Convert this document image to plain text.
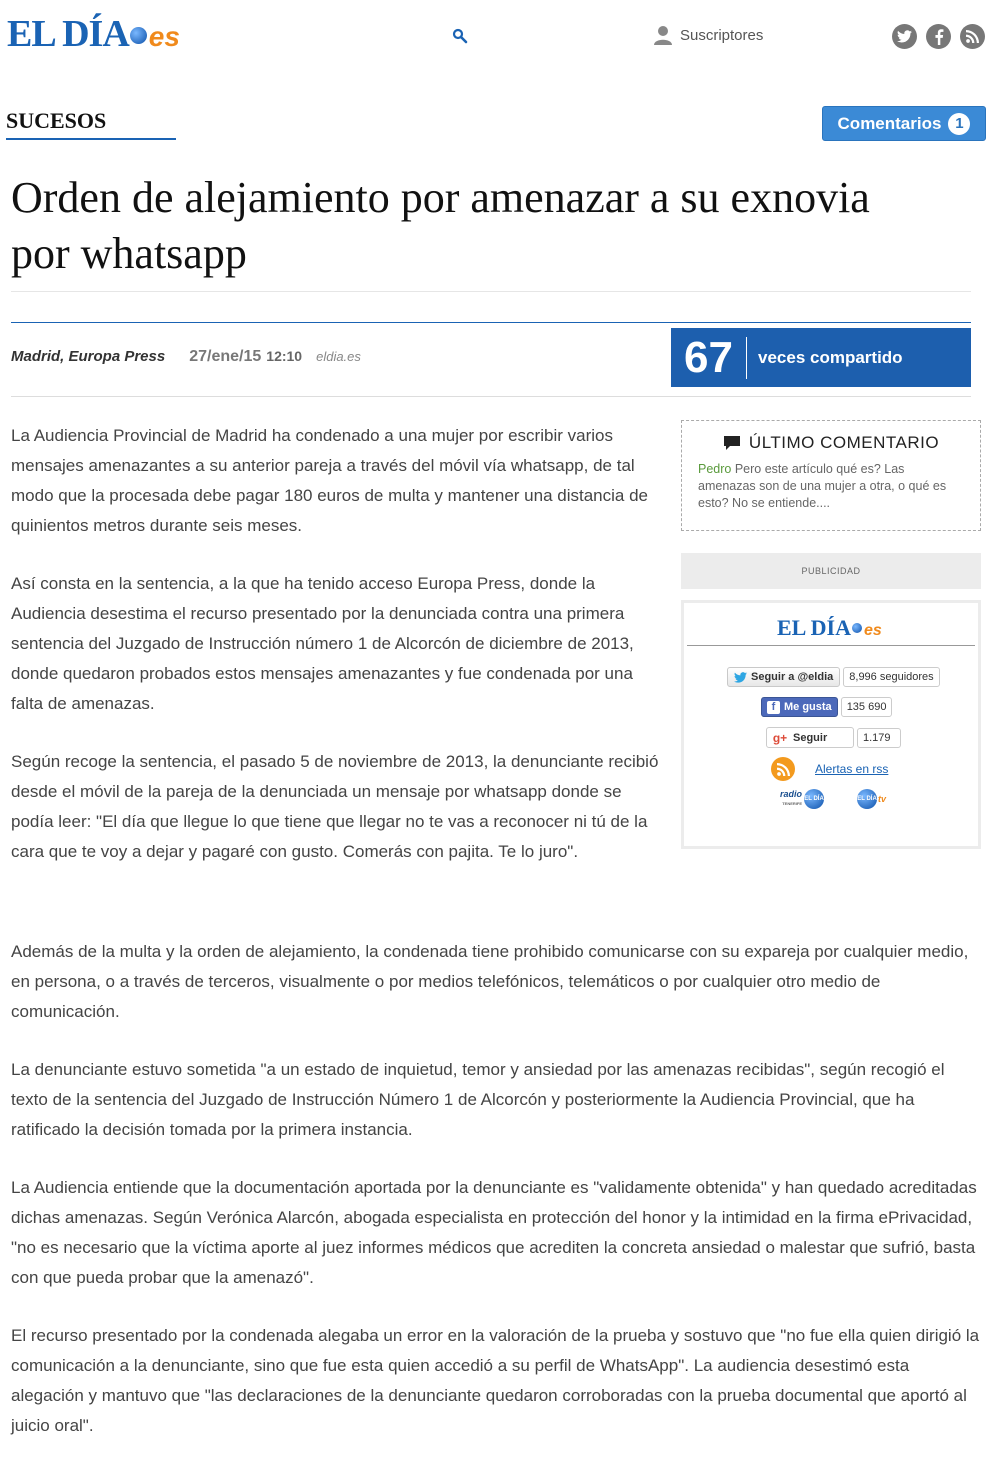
EL DÍA es	Suscriptores
SUCESOS	Comentarios 1
Orden de alejamiento por amenazar a su exnovia por whatsapp
Madrid, Europa Press 27/ene/15 12:10 eldia.es	67	veces compartido

La Audiencia Provincial de Madrid ha condenado a una mujer por escribir varios mensajes amenazantes a su anterior pareja a través del móvil vía whatsapp, de tal modo que la procesada debe pagar 180 euros de multa y mantener una distancia de quinientos metros durante seis meses.

Así consta en la sentencia, a la que ha tenido acceso Europa Press, donde la Audiencia desestima el recurso presentado por la denunciada contra una primera sentencia del Juzgado de Instrucción número 1 de Alcorcón de diciembre de 2013, donde quedaron probados estos mensajes amenazantes y fue condenada por una falta de amenazas.

Según recoge la sentencia, el pasado 5 de noviembre de 2013, la denunciante recibió desde el móvil de la pareja de la denunciada un mensaje por whatsapp donde se podía leer: "El día que llegue lo que tiene que llegar no te vas a reconocer ni tú de la cara que te voy a dejar y pagaré con gusto. Comerás con pajita. Te lo juro".

Además de la multa y la orden de alejamiento, la condenada tiene prohibido comunicarse con su expareja por cualquier medio, en persona, o a través de terceros, visualmente o por medios telefónicos, telemáticos o por cualquier otro medio de comunicación.

La denunciante estuvo sometida "a un estado de inquietud, temor y ansiedad por las amenazas recibidas", según recogió el texto de la sentencia del Juzgado de Instrucción Número 1 de Alcorcón y posteriormente la Audiencia Provincial, que ha ratificado la decisión tomada por la primera instancia.

La Audiencia entiende que la documentación aportada por la denunciante es "validamente obtenida" y han quedado acreditadas dichas amenazas. Según Verónica Alarcón, abogada especialista en protección del honor y la intimidad en la firma ePrivacidad, "no es necesario que la víctima aporte al juez informes médicos que acrediten la concreta ansiedad o malestar que sufrió, basta con que pueda probar que la amenazó".

El recurso presentado por la condenada alegaba un error en la valoración de la prueba y sostuvo que "no fue ella quien dirigió la comunicación a la denunciante, sino que fue esta quien accedió a su perfil de WhatsApp". La audiencia desestimó esta alegación y mantuvo que "las declaraciones de la denunciante quedaron corroboradas con la prueba documental que aportó al juicio oral".

ÚLTIMO COMENTARIO
Pedro Pero este artículo qué es? Las amenazas son de una mujer a otra, o qué es esto? No se entiende....
PUBLICIDAD
EL DÍA es
Seguir a @eldia	8,996 seguidores
f Me gusta	135 690
g+ Seguir	1.179
Alertas en rss
radio
TENERIFE
EL DÍA	EL DÍA tv
